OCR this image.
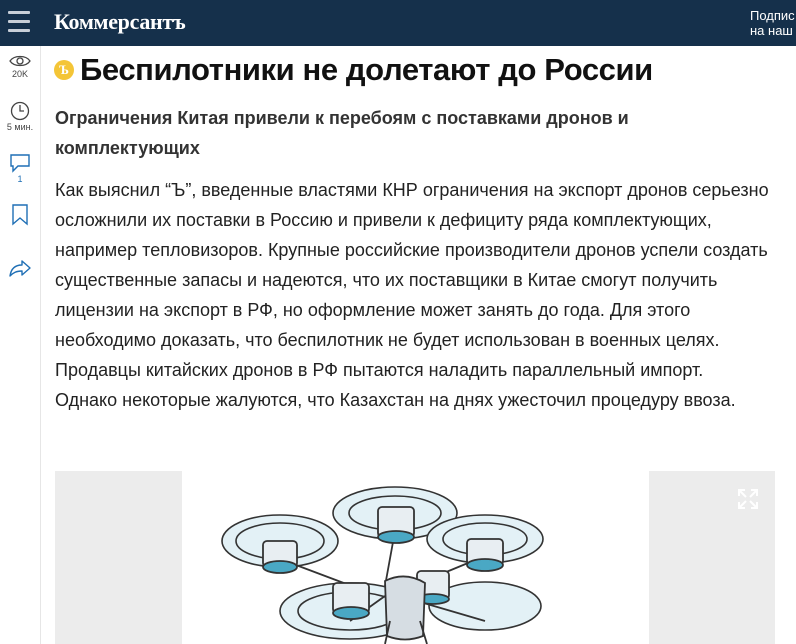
Коммерсантъ	Подпис
на наш
20K
5 мин.
1
Ъ Беспилотники не долетают до России
Ограничения Китая привели к перебоям с поставками дронов и комплектующих
Как выяснил “Ъ”, введенные властями КНР ограничения на экспорт дронов серьезно осложнили их поставки в Россию и привели к дефициту ряда комплектующих, например тепловизоров. Крупные российские производители дронов успели создать существенные запасы и надеются, что их поставщики в Китае смогут получить лицензии на экспорт в РФ, но оформление может занять до года. Для этого необходимо доказать, что беспилотник не будет использован в военных целях. Продавцы китайских дронов в РФ пытаются наладить параллельный импорт. Однако некоторые жалуются, что Казахстан на днях ужесточил процедуру ввоза.
